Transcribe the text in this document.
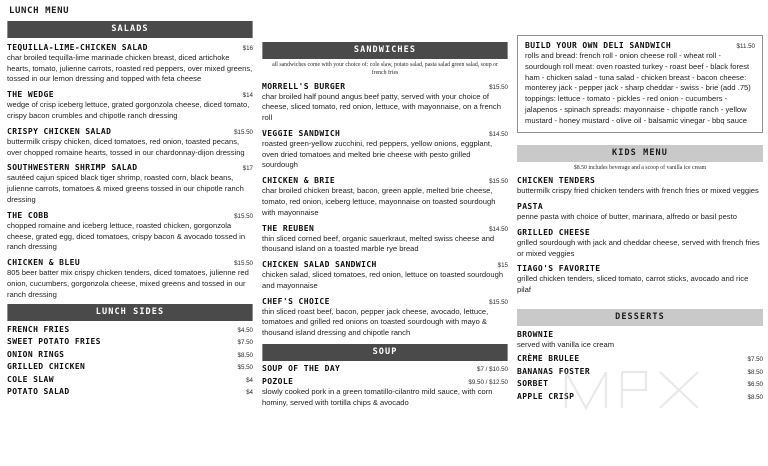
LUNCH MENU
SALADS
TEQUILLA-LIME-CHICKEN SALAD	$16
char broiled tequilla-lime marinade chicken breast, diced artichoke hearts, tomato, julienne carrots, roasted red peppers, over mixed greens, tossed in our lemon dressing and topped with feta cheese
THE WEDGE	$14
wedge of crisp iceberg lettuce, grated gorgonzola cheese, diced tomato, crispy bacon crumbles and chipotle ranch dressing
CRISPY CHICKEN SALAD	$15.50
buttermilk crispy chicken, diced tomatoes, red onion, toasted pecans, over chopped romaine hearts, tossed in our chardonnay-dijon dressing
SOUTHWESTERN SHRIMP SALAD	$17
sautéed cajun spiced black tiger shrimp, roasted corn, black beans, julienne carrots, tomatoes & mixed greens tossed in our chipotle ranch dressing
THE COBB	$15.50
chopped romaine and iceberg lettuce, roasted chicken, gorgonzola cheese, grated egg, diced tomatoes, crispy bacon & avocado tossed in ranch dressing
CHICKEN & BLEU	$15.50
805 beer batter mix crispy chicken tenders, diced tomatoes, julienne red onion, cucumbers, gorgonzola cheese, mixed greens and tossed in our ranch dressing
LUNCH SIDES
FRENCH FRIES	$4.50
SWEET POTATO FRIES	$7.50
ONION RINGS	$8.50
GRILLED CHICKEN	$5.50
COLE SLAW	$4
POTATO SALAD	$4
SANDWICHES
all sandwiches come with your choice of: cole slaw, potato salad, pasta salad green salad, soup or french fries
MORRELL'S BURGER	$15.50
char broiled half pound angus beef patty, served with your choice of cheese, sliced tomato, red onion, lettuce, with mayonnaise, on a french roll
VEGGIE SANDWICH	$14.50
roasted green-yellow zucchini, red peppers, yellow onions, eggplant, oven dried tomatoes and melted brie cheese with pesto grilled sourdough
CHICKEN & BRIE	$15.50
char broiled chicken breast, bacon, green apple, melted brie cheese, tomato, red onion, iceberg lettuce, mayonnaise on toasted sourdough with mayonnaise
THE REUBEN	$14.50
thin sliced corned beef, organic sauerkraut, melted swiss cheese and thousand island on a toasted marble rye bread
CHICKEN SALAD SANDWICH	$15
chicken salad, sliced tomatoes, red onion, lettuce on toasted sourdough and mayonnaise
CHEF'S CHOICE	$15.50
thin sliced roast beef, bacon, pepper jack cheese, avocado, lettuce, tomatoes and grilled red onions on toasted sourdough with mayo & thousand island dressing and chipotle ranch
SOUP
SOUP OF THE DAY	$7 / $10.50
POZOLE	$9.50 / $12.50
slowly cooked pork in a green tomatillo-cilantro mild sauce, with corn hominy, served with tortilla chips & avocado
BUILD YOUR OWN DELI SANDWICH	$11.50
rolls and bread: french roll - onion cheese roll - wheat roll - sourdough roll meat: oven roasted turkey - roast beef - black forest ham - chicken salad - tuna salad - chicken breast - bacon cheese: monterey jack - pepper jack - sharp cheddar - swiss - brie (add .75) toppings: lettuce - tomato - pickles - red onion - cucumbers - jalapenos - spinach spreads: mayonnaise - chipotle ranch - yellow mustard - honey mustard - olive oil - balsamic vinegar - bbq sauce
KIDS MENU
$8.50 includes beverage and a scoop of vanilla ice cream
CHICKEN TENDERS
buttermilk crispy fried chicken tenders with french fries or mixed veggies
PASTA
penne pasta with choice of butter, marinara, alfredo or basil pesto
GRILLED CHEESE
grilled sourdough with jack and cheddar cheese, served with french fries or mixed veggies
TIAGO'S FAVORITE
grilled chicken tenders, sliced tomato, carrot sticks, avocado and rice pilaf
DESSERTS
BROWNIE
served with vanilla ice cream
CRÈME BRULEE	$7.50
BANANAS FOSTER	$8.50
SORBET	$6.50
APPLE CRISP	$8.50
